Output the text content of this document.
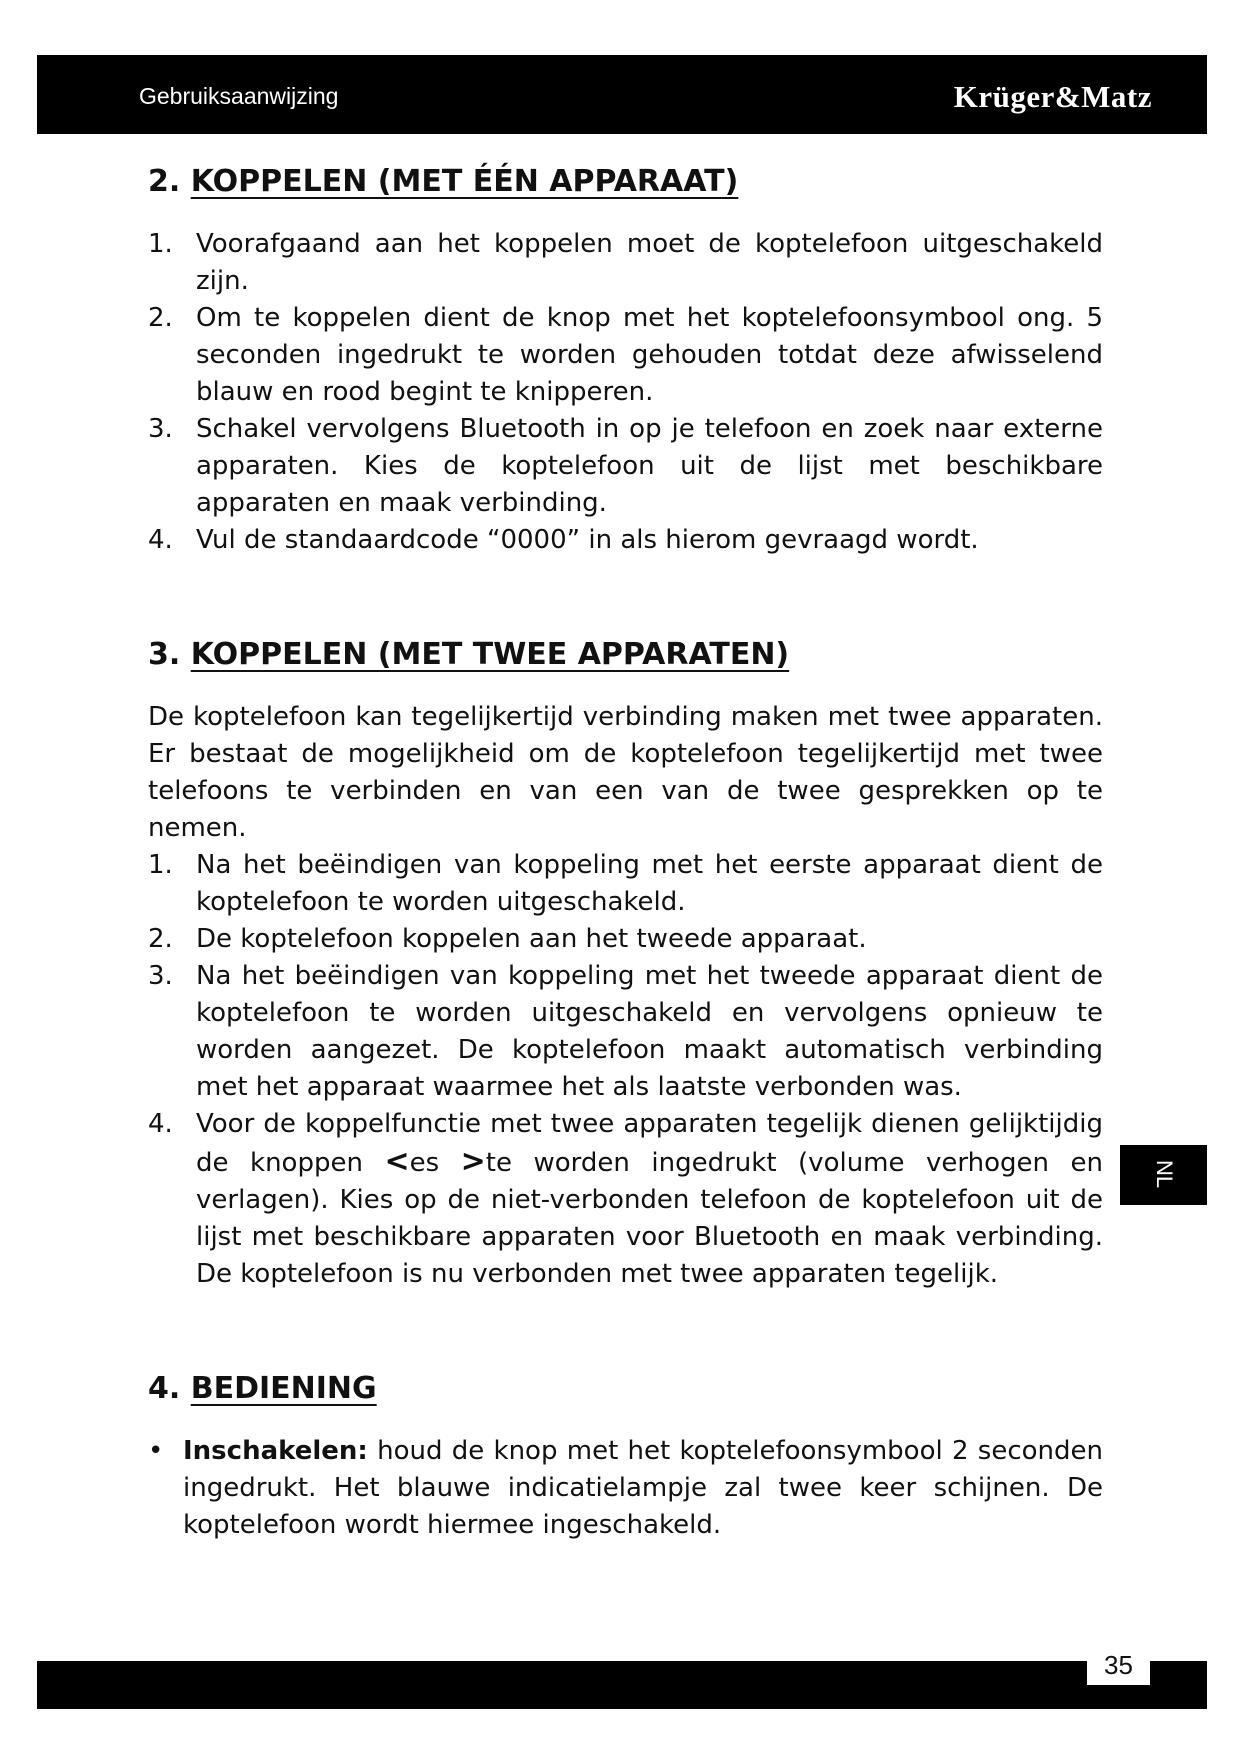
Gebruiksaanwijzing	Krüger&Matz
2. KOPPELEN (MET ÉÉN APPARAAT)
1. Voorafgaand aan het koppelen moet de koptelefoon uitgeschakeld zijn.
2. Om te koppelen dient de knop met het koptelefoonsymbool ong. 5 seconden ingedrukt te worden gehouden totdat deze afwisselend blauw en rood begint te knipperen.
3. Schakel vervolgens Bluetooth in op je telefoon en zoek naar externe apparaten. Kies de koptelefoon uit de lijst met beschikbare apparaten en maak verbinding.
4. Vul de standaardcode “0000” in als hierom gevraagd wordt.
3. KOPPELEN (MET TWEE APPARATEN)

De koptelefoon kan tegelijkertijd verbinding maken met twee apparaten. Er bestaat de mogelijkheid om de koptelefoon tegelijkertijd met twee telefoons te verbinden en van een van de twee gesprekken op te nemen.

1. Na het beëindigen van koppeling met het eerste apparaat dient de koptelefoon te worden uitgeschakeld.
2. De koptelefoon koppelen aan het tweede apparaat.
3. Na het beëindigen van koppeling met het tweede apparaat dient de koptelefoon te worden uitgeschakeld en vervolgens opnieuw te worden aangezet. De koptelefoon maakt automatisch verbinding met het apparaat waarmee het als laatste verbonden was.
4. Voor de koppelfunctie met twee apparaten tegelijk dienen gelijktijdig de knoppen <es >te worden ingedrukt (volume verhogen en verlagen). Kies op de niet-verbonden telefoon de koptelefoon uit de lijst met beschikbare apparaten voor Bluetooth en maak verbinding. De koptelefoon is nu verbonden met twee apparaten tegelijk.
4. BEDIENING
• Inschakelen: houd de knop met het koptelefoonsymbool 2 seconden ingedrukt. Het blauwe indicatielampje zal twee keer schijnen. De koptelefoon wordt hiermee ingeschakeld.
NL
35
